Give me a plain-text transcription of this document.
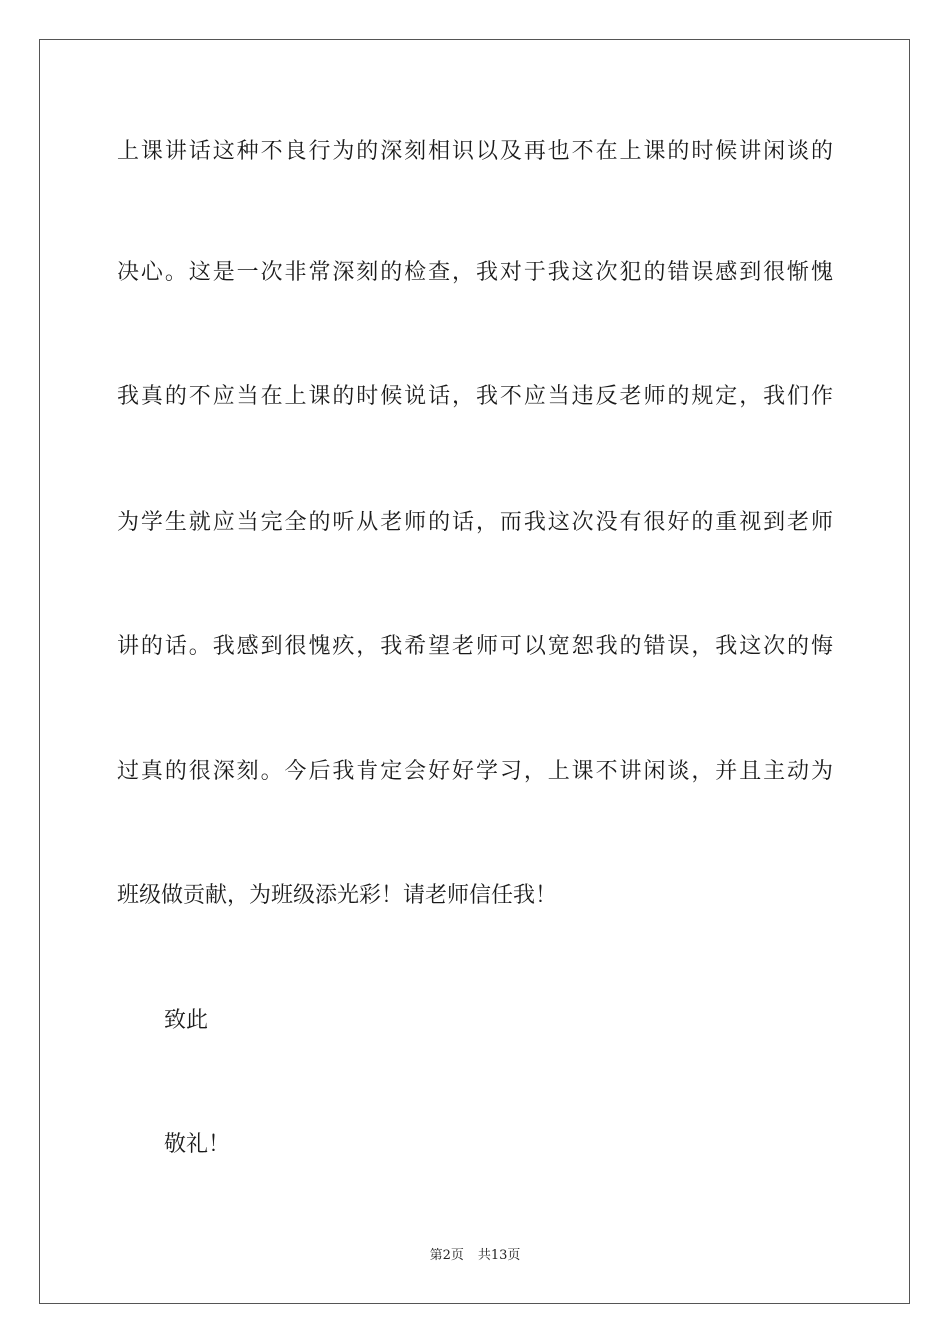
上课讲话这种不良行为的深刻相识以及再也不在上课的时候讲闲谈的
决心。这是一次非常深刻的检查，我对于我这次犯的错误感到很惭愧
我真的不应当在上课的时候说话，我不应当违反老师的规定，我们作
为学生就应当完全的听从老师的话，而我这次没有很好的重视到老师
讲的话。我感到很愧疚，我希望老师可以宽恕我的错误，我这次的悔
过真的很深刻。今后我肯定会好好学习，上课不讲闲谈，并且主动为
班级做贡献，为班级添光彩！请老师信任我！
致此
敬礼！
第2页 共13页
